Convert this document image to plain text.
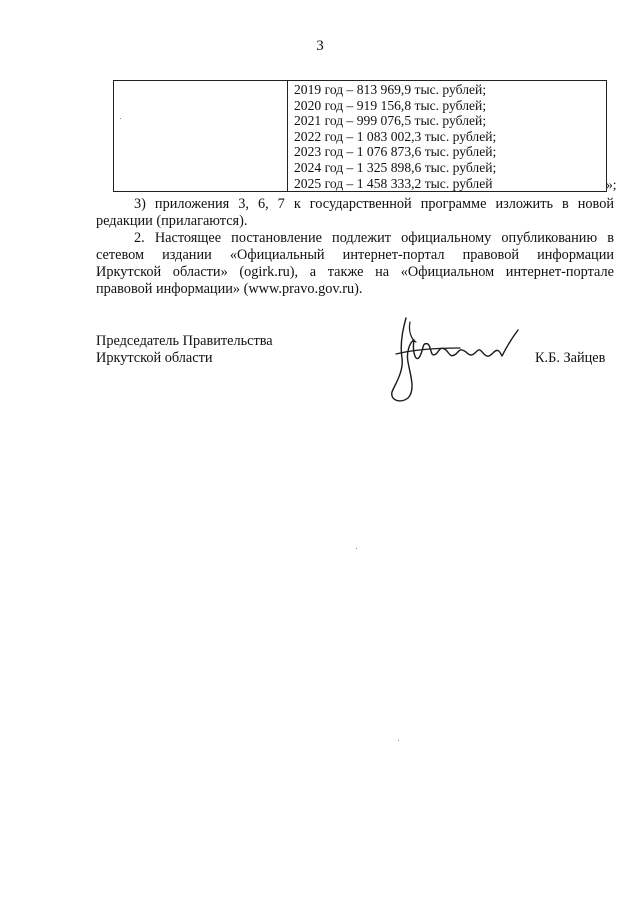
3
2019 год – 813 969,9 тыс. рублей;
2020 год – 919 156,8 тыс. рублей;
2021 год – 999 076,5 тыс. рублей;
2022 год – 1 083 002,3 тыс. рублей;
2023 год – 1 076 873,6 тыс. рублей;
2024 год – 1 325 898,6 тыс. рублей;
2025 год – 1 458 333,2 тыс. рублей	»;
3) приложения 3, 6, 7 к государственной программе изложить в новой
редакции (прилагаются).
2. Настоящее постановление подлежит официальному опубликованию в
сетевом издании «Официальный интернет-портал правовой информации
Иркутской области» (ogirk.ru), а также на «Официальном интернет-портале
правовой информации» (www.pravo.gov.ru).
Председатель Правительства
Иркутской области	К.Б. Зайцев
